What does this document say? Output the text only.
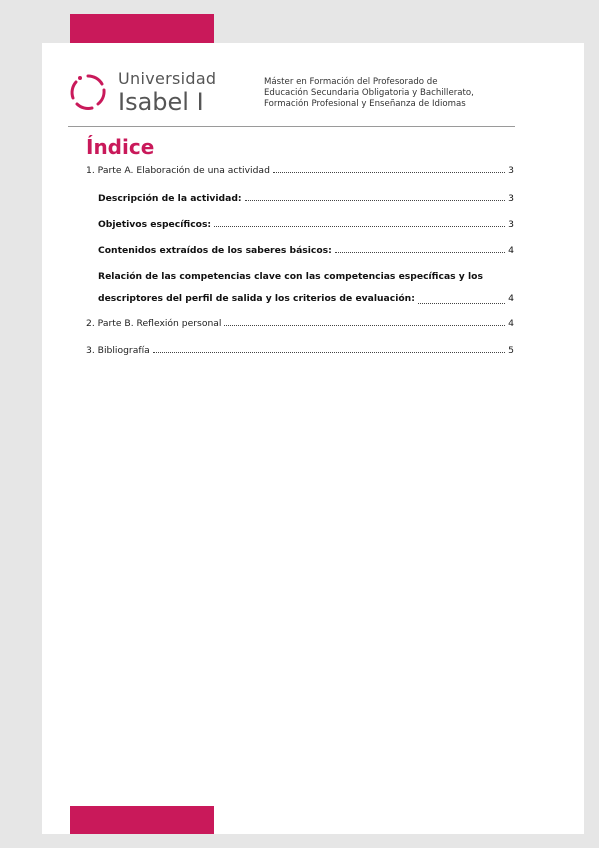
Universidad
Isabel I
Máster en Formación del Profesorado de
Educación Secundaria Obligatoria y Bachillerato,
Formación Profesional y Enseñanza de Idiomas
Índice
1. Parte A. Elaboración de una actividad	3
Descripción de la actividad:	3
Objetivos específicos:	3
Contenidos extraídos de los saberes básicos:	4
Relación de las competencias clave con las competencias específicas y los
descriptores del perfil de salida y los criterios de evaluación:	4
2. Parte B. Reflexión personal	4
3. Bibliografía	5
